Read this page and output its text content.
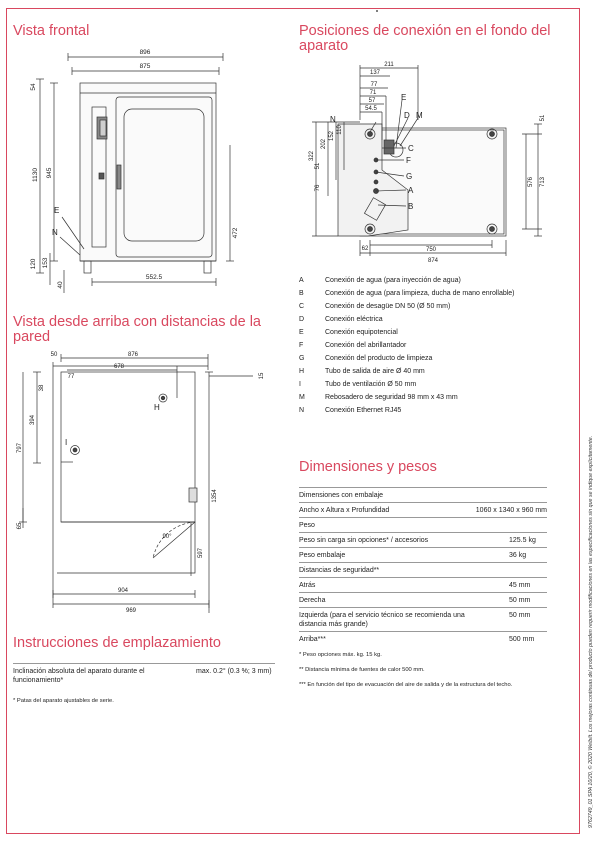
Vista frontal	Posiciones de conexión en el fondo del aparato
Vista desde arriba con distancias de la pared
Instrucciones de emplazamiento
Dimensiones y pesos
896
875
552.5
1130 945
54
472
120 153
40
E
N
211
137
77
71
57
54.5
322
202
152
110
51
76
51
576 713
62	750
874
N
E
D M
C
F
G
A
B
50	876
678
77
38
394
797
65
1354
597
904
969
15
90°
H
I
A	Conexión de agua (para inyección de agua)
B	Conexión de agua (para limpieza, ducha de mano enrollable)
C	Conexión de desagüe DN 50 (Ø 50 mm)
D	Conexión eléctrica
E	Conexión equipotencial
F	Conexión del abrillantador
G	Conexión del producto de limpieza
H	Tubo de salida de aire Ø 40 mm
I	Tubo de ventilación Ø 50 mm
M	Rebosadero de seguridad 98 mm x 43 mm
N	Conexión Ethernet RJ45
Dimensiones con embalaje		
Ancho x Altura x Profundidad	1060 x 1340 x 960 mm	
Peso		
Peso sin carga sin opciones* / accesorios		125.5 kg
Peso embalaje		36 kg
Distancias de seguridad**		
Atrás		45 mm
Derecha		50 mm
Izquierda (para el servicio técnico se recomienda una distancia más grande)		50 mm
Arriba***		500 mm
* Peso opciones máx. kg. 15 kg.
** Distancia mínima de fuentes de calor 500 mm.
*** En función del tipo de evacuación del aire de salida y de la estructura del techo.
Inclinación absoluta del aparato durante el funcionamiento*	max. 0.2° (0.3 %; 3 mm)
* Patas del aparato ajustables de serie.	9762749_01 SPA 10/20, © 2020 Welbilt. Los mejoras continuas del producto pueden requerir modificaciones en las especificaciones sin que se indique explícitamente.
